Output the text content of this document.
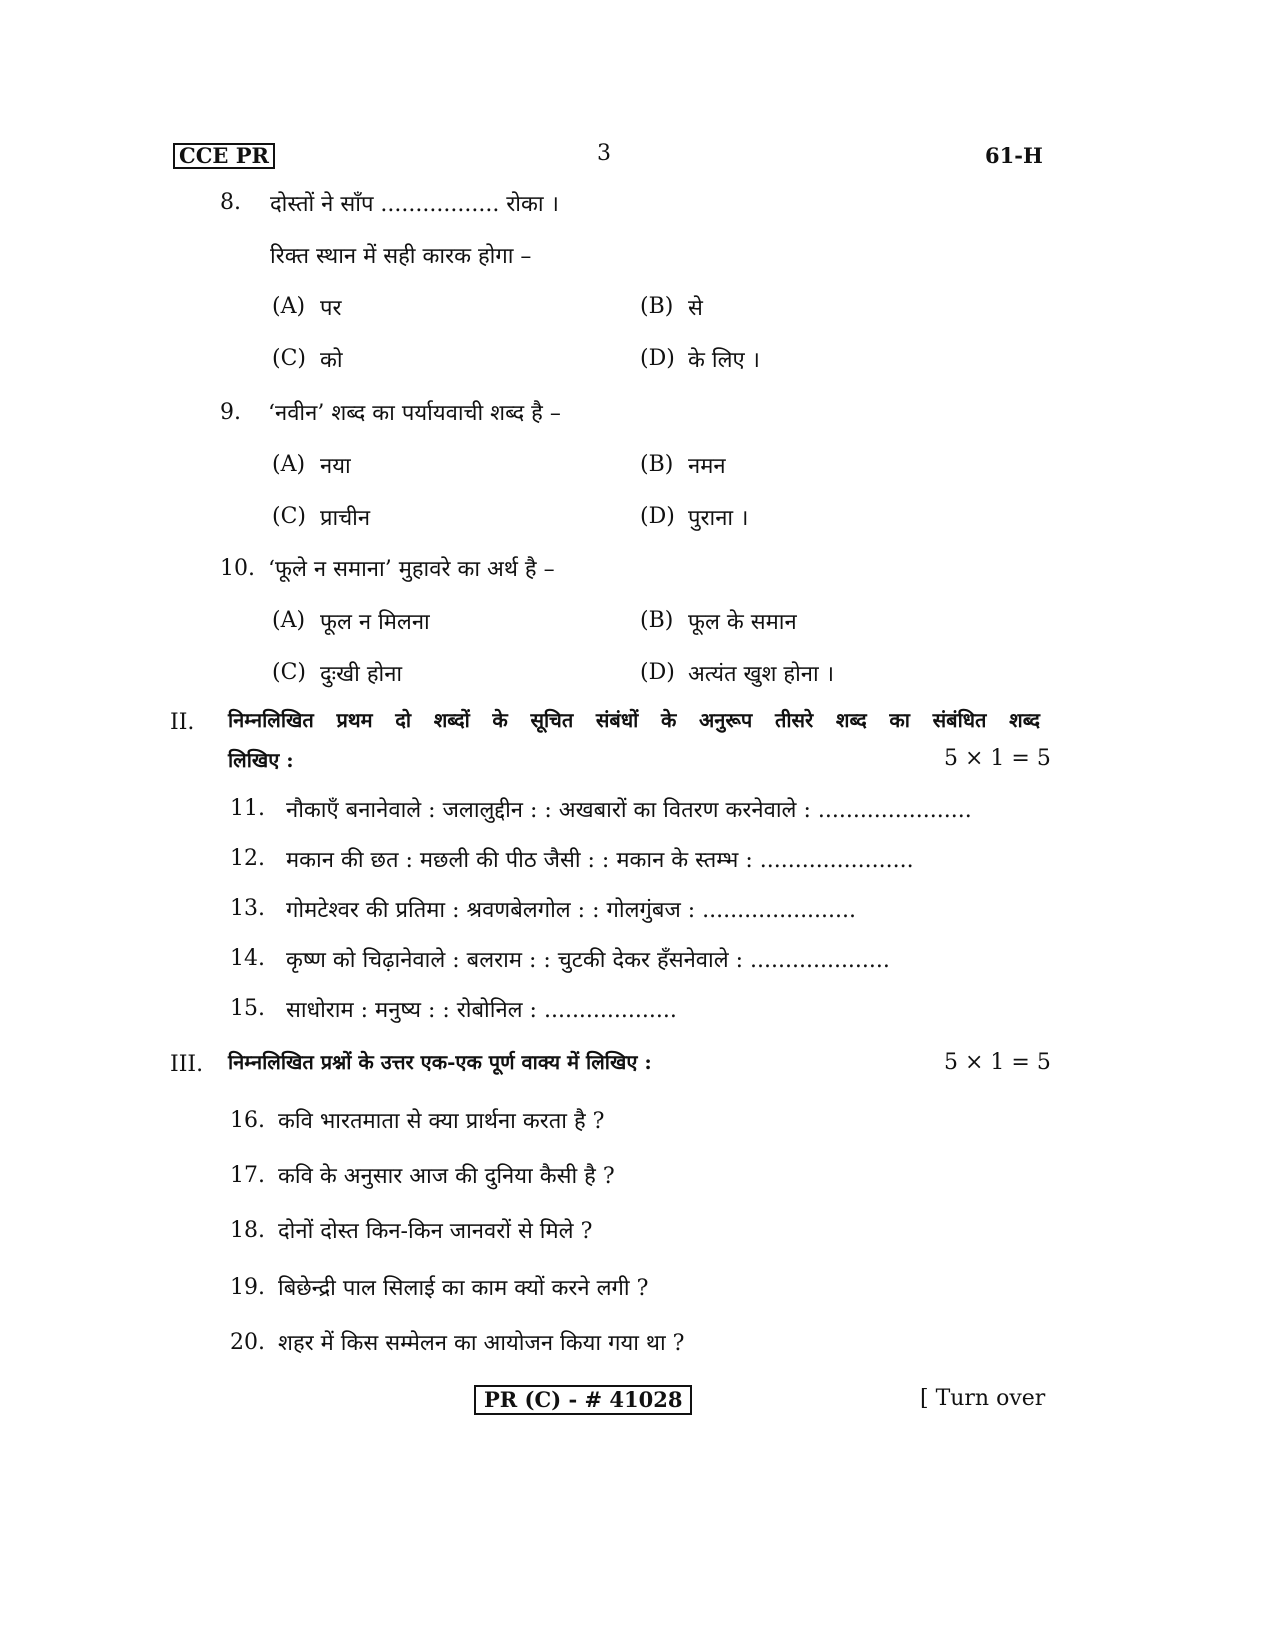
CCE PR	3	61-H
8. दोस्तों ने साँप ................. रोका ।
रिक्त स्थान में सही कारक होगा –
(A) पर	(B) से
(C) को	(D) के लिए ।
9. ‘नवीन’ शब्द का पर्यायवाची शब्द है –
(A) नया	(B) नमन
(C) प्राचीन	(D) पुराना ।
10. ‘फूले न समाना’ मुहावरे का अर्थ है –
(A) फूल न मिलना	(B) फूल के समान
(C) दुःखी होना	(D) अत्यंत खुश होना ।
II. निम्नलिखित प्रथम दो शब्दों के सूचित संबंधों के अनुरूप तीसरे शब्द का संबंधित शब्द
लिखिए :	5 × 1 = 5
11. नौकाएँ बनानेवाले : जलालुद्दीन : : अखबारों का वितरण करनेवाले : ......................
12. मकान की छत : मछली की पीठ जैसी : : मकान के स्तम्भ : ......................
13. गोमटेश्वर की प्रतिमा : श्रवणबेलगोल : : गोलगुंबज : ......................
14. कृष्ण को चिढ़ानेवाले : बलराम : : चुटकी देकर हँसनेवाले : ....................
15. साधोराम : मनुष्य : : रोबोनिल : ...................
III. निम्नलिखित प्रश्नों के उत्तर एक-एक पूर्ण वाक्य में लिखिए :	5 × 1 = 5
16. कवि भारतमाता से क्या प्रार्थना करता है ?
17. कवि के अनुसार आज की दुनिया कैसी है ?
18. दोनों दोस्त किन-किन जानवरों से मिले ?
19. बिछेन्द्री पाल सिलाई का काम क्यों करने लगी ?
20. शहर में किस सम्मेलन का आयोजन किया गया था ?
PR (C) - # 41028	[ Turn over
